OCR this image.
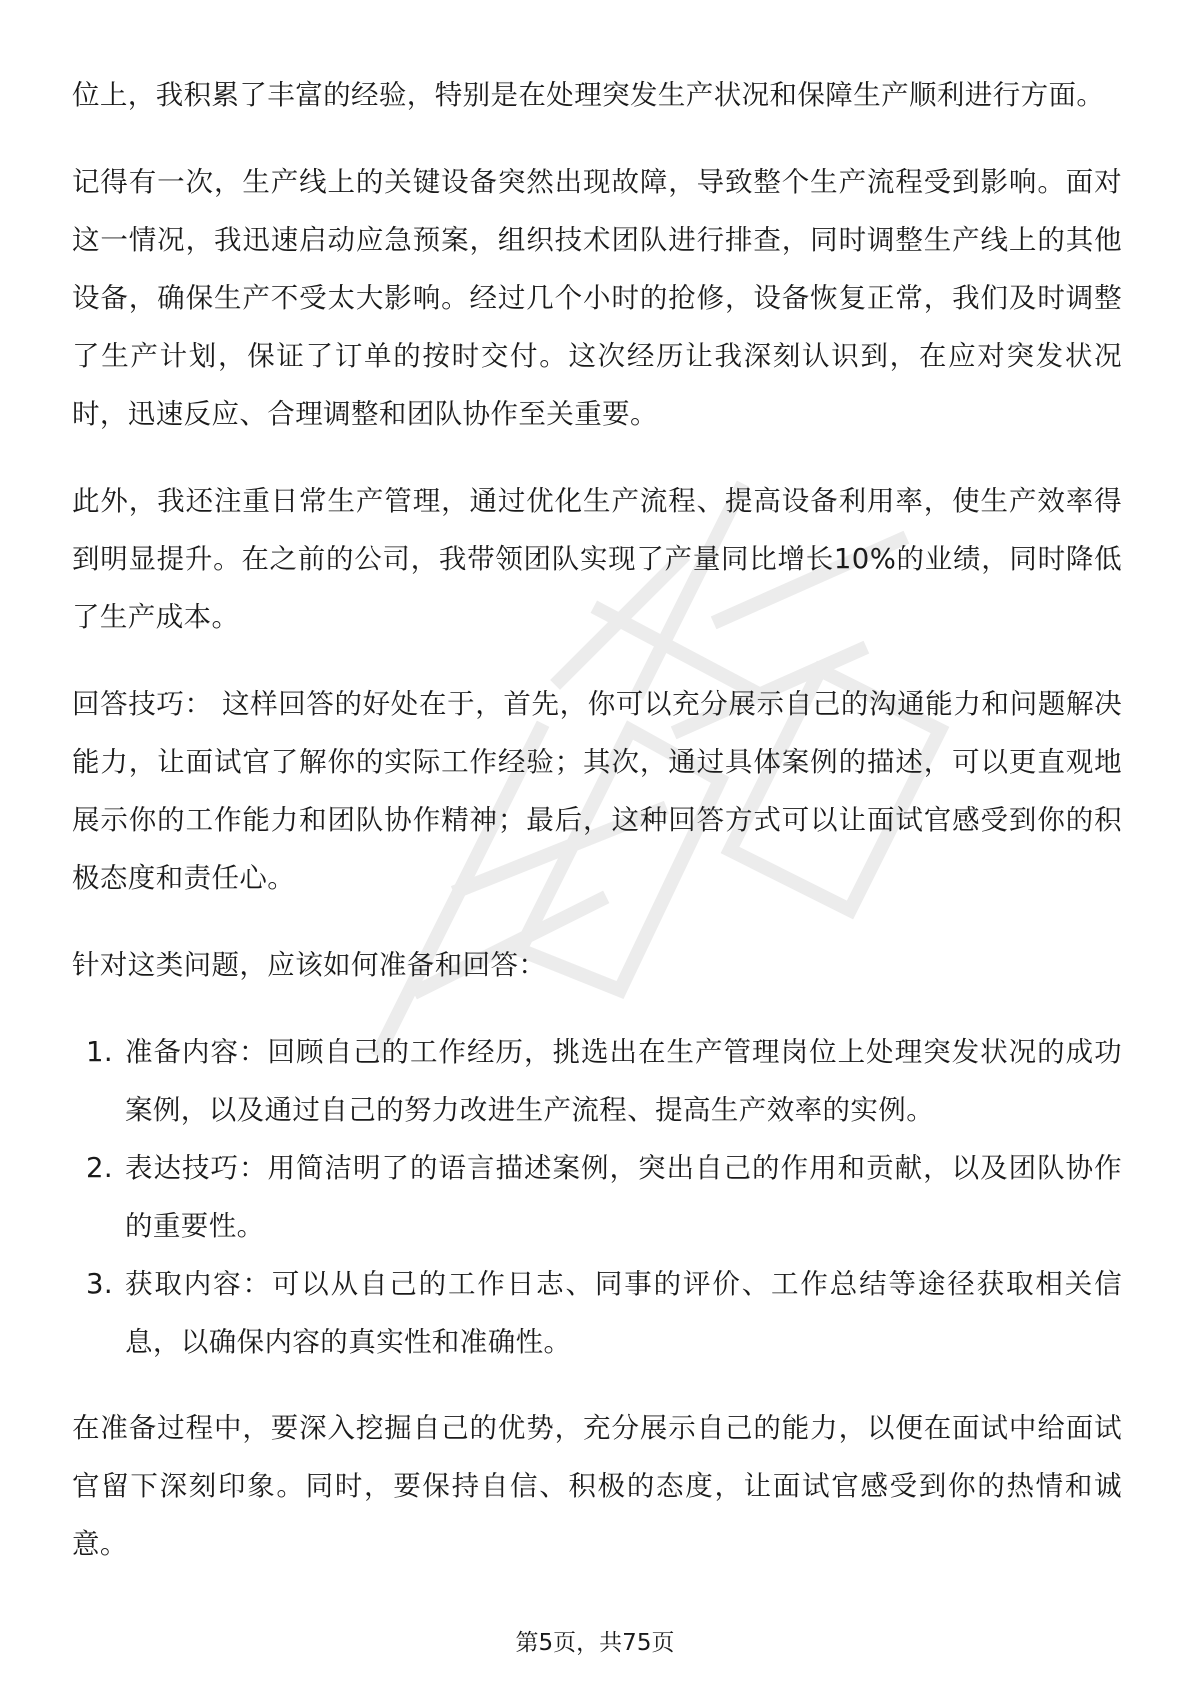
位上，我积累了丰富的经验，特别是在处理突发生产状况和保障生产顺利进行方面。

记得有一次，生产线上的关键设备突然出现故障，导致整个生产流程受到影响。面对这一情况，我迅速启动应急预案，组织技术团队进行排查，同时调整生产线上的其他设备，确保生产不受太大影响。经过几个小时的抢修，设备恢复正常，我们及时调整了生产计划，保证了订单的按时交付。这次经历让我深刻认识到，在应对突发状况时，迅速反应、合理调整和团队协作至关重要。

此外，我还注重日常生产管理，通过优化生产流程、提高设备利用率，使生产效率得到明显提升。在之前的公司，我带领团队实现了产量同比增长10%的业绩，同时降低了生产成本。

回答技巧： 这样回答的好处在于，首先，你可以充分展示自己的沟通能力和问题解决能力，让面试官了解你的实际工作经验；其次，通过具体案例的描述，可以更直观地展示你的工作能力和团队协作精神；最后，这种回答方式可以让面试官感受到你的积极态度和责任心。

针对这类问题，应该如何准备和回答：

1. 准备内容：回顾自己的工作经历，挑选出在生产管理岗位上处理突发状况的成功案例，以及通过自己的努力改进生产流程、提高生产效率的实例。
2. 表达技巧：用简洁明了的语言描述案例，突出自己的作用和贡献，以及团队协作的重要性。
3. 获取内容：可以从自己的工作日志、同事的评价、工作总结等途径获取相关信息，以确保内容的真实性和准确性。

在准备过程中，要深入挖掘自己的优势，充分展示自己的能力，以便在面试中给面试官留下深刻印象。同时，要保持自信、积极的态度，让面试官感受到你的热情和诚意。

第5页，共75页
